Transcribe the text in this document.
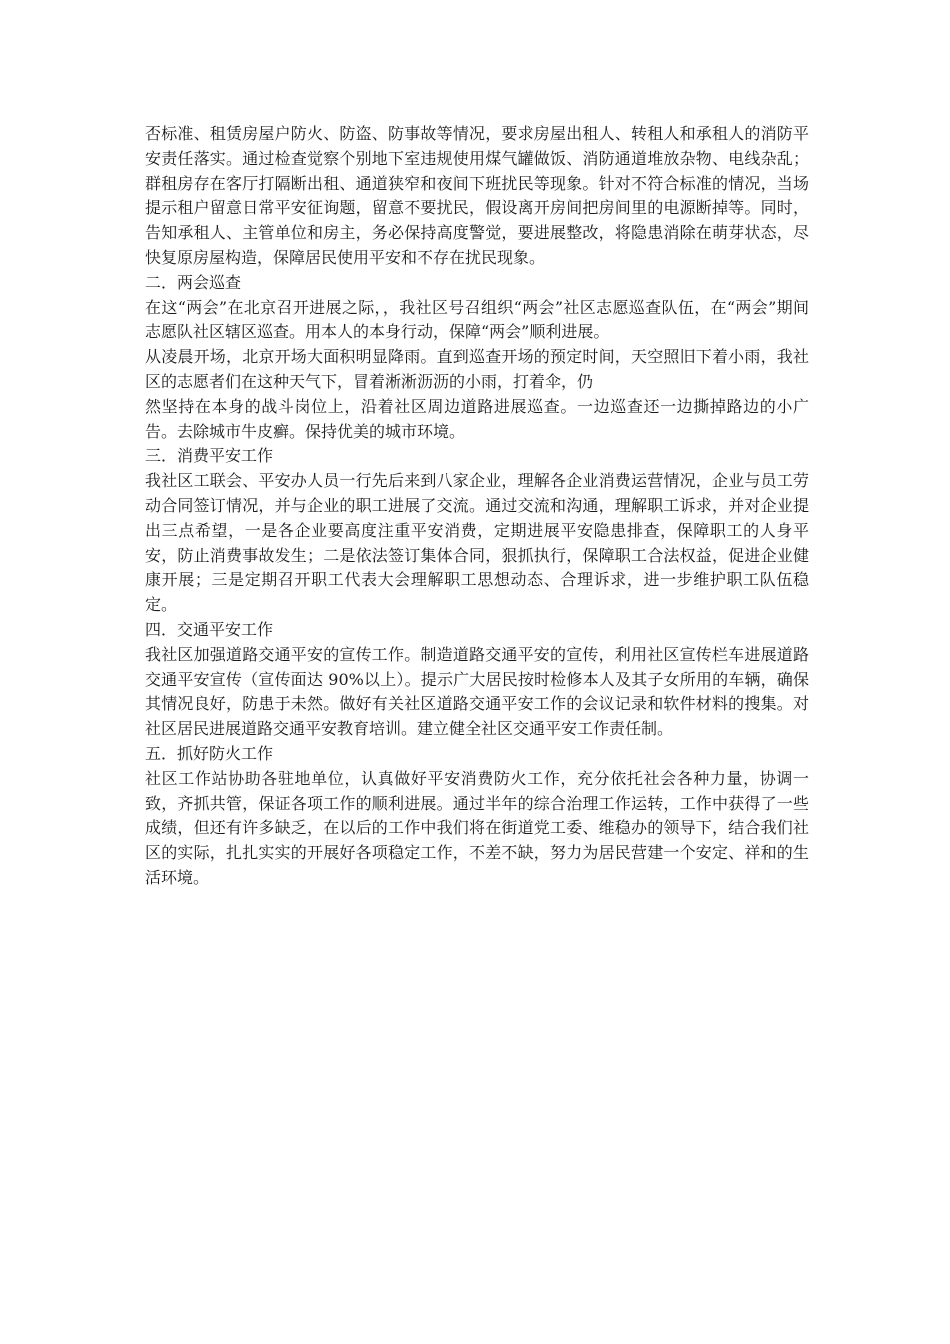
否标准、租赁房屋户防火、防盗、防事故等情况，要求房屋出租人、转租人和承租人的消防平安责任落实。通过检查觉察个别地下室违规使用煤气罐做饭、消防通道堆放杂物、电线杂乱；群租房存在客厅打隔断出租、通道狭窄和夜间下班扰民等现象。针对不符合标准的情况，当场提示租户留意日常平安征询题，留意不要扰民，假设离开房间把房间里的电源断掉等。同时，告知承租人、主管单位和房主，务必保持高度警觉，要进展整改，将隐患消除在萌芽状态，尽快复原房屋构造，保障居民使用平安和不存在扰民现象。

二．两会巡查

在这“两会”在北京召开进展之际，，我社区号召组织“两会”社区志愿巡查队伍，在“两会”期间志愿队社区辖区巡查。用本人的本身行动，保障“两会”顺利进展。

从凌晨开场，北京开场大面积明显降雨。直到巡查开场的预定时间，天空照旧下着小雨，我社区的志愿者们在这种天气下，冒着淅淅沥沥的小雨，打着伞，仍

然坚持在本身的战斗岗位上，沿着社区周边道路进展巡查。一边巡查还一边撕掉路边的小广告。去除城市牛皮癣。保持优美的城市环境。

三．消费平安工作

我社区工联会、平安办人员一行先后来到八家企业，理解各企业消费运营情况，企业与员工劳动合同签订情况，并与企业的职工进展了交流。通过交流和沟通，理解职工诉求，并对企业提出三点希望，一是各企业要高度注重平安消费，定期进展平安隐患排查，保障职工的人身平安，防止消费事故发生；二是依法签订集体合同，狠抓执行，保障职工合法权益，促进企业健康开展；三是定期召开职工代表大会理解职工思想动态、合理诉求，进一步维护职工队伍稳定。

四．交通平安工作

我社区加强道路交通平安的宣传工作。制造道路交通平安的宣传，利用社区宣传栏车进展道路交通平安宣传（宣传面达 90%以上）。提示广大居民按时检修本人及其子女所用的车辆，确保其情况良好，防患于未然。做好有关社区道路交通平安工作的会议记录和软件材料的搜集。对社区居民进展道路交通平安教育培训。建立健全社区交通平安工作责任制。

五．抓好防火工作

社区工作站协助各驻地单位，认真做好平安消费防火工作，充分依托社会各种力量，协调一致，齐抓共管，保证各项工作的顺利进展。通过半年的综合治理工作运转，工作中获得了一些成绩，但还有许多缺乏，在以后的工作中我们将在街道党工委、维稳办的领导下，结合我们社区的实际，扎扎实实的开展好各项稳定工作，不差不缺，努力为居民营建一个安定、祥和的生活环境。
